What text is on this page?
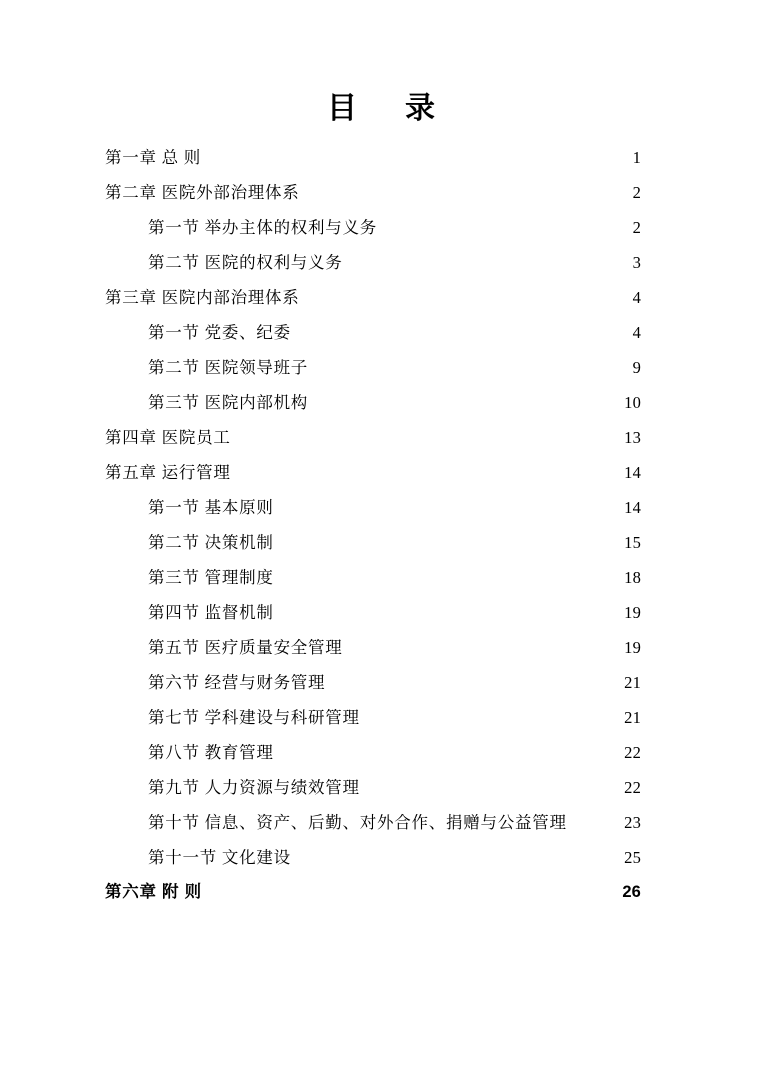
目　录
第一章 总 则 .....	1
第二章 医院外部治理体系 .....	2
第一节 举办主体的权利与义务 .....	2
第二节 医院的权利与义务 .....	3
第三章 医院内部治理体系 .....	4
第一节 党委、纪委 .....	4
第二节 医院领导班子 .....	9
第三节 医院内部机构 .....	10
第四章 医院员工 .....	13
第五章 运行管理 .....	14
第一节 基本原则 .....	14
第二节 决策机制 .....	15
第三节 管理制度 .....	18
第四节 监督机制 .....	19
第五节 医疗质量安全管理 .....	19
第六节 经营与财务管理 .....	21
第七节 学科建设与科研管理 .....	21
第八节 教育管理 .....	22
第九节 人力资源与绩效管理 .....	22
第十节 信息、资产、后勤、对外合作、捐赠与公益管理 .....	23
第十一节 文化建设 .....	25
第六章 附 则 .....	26
